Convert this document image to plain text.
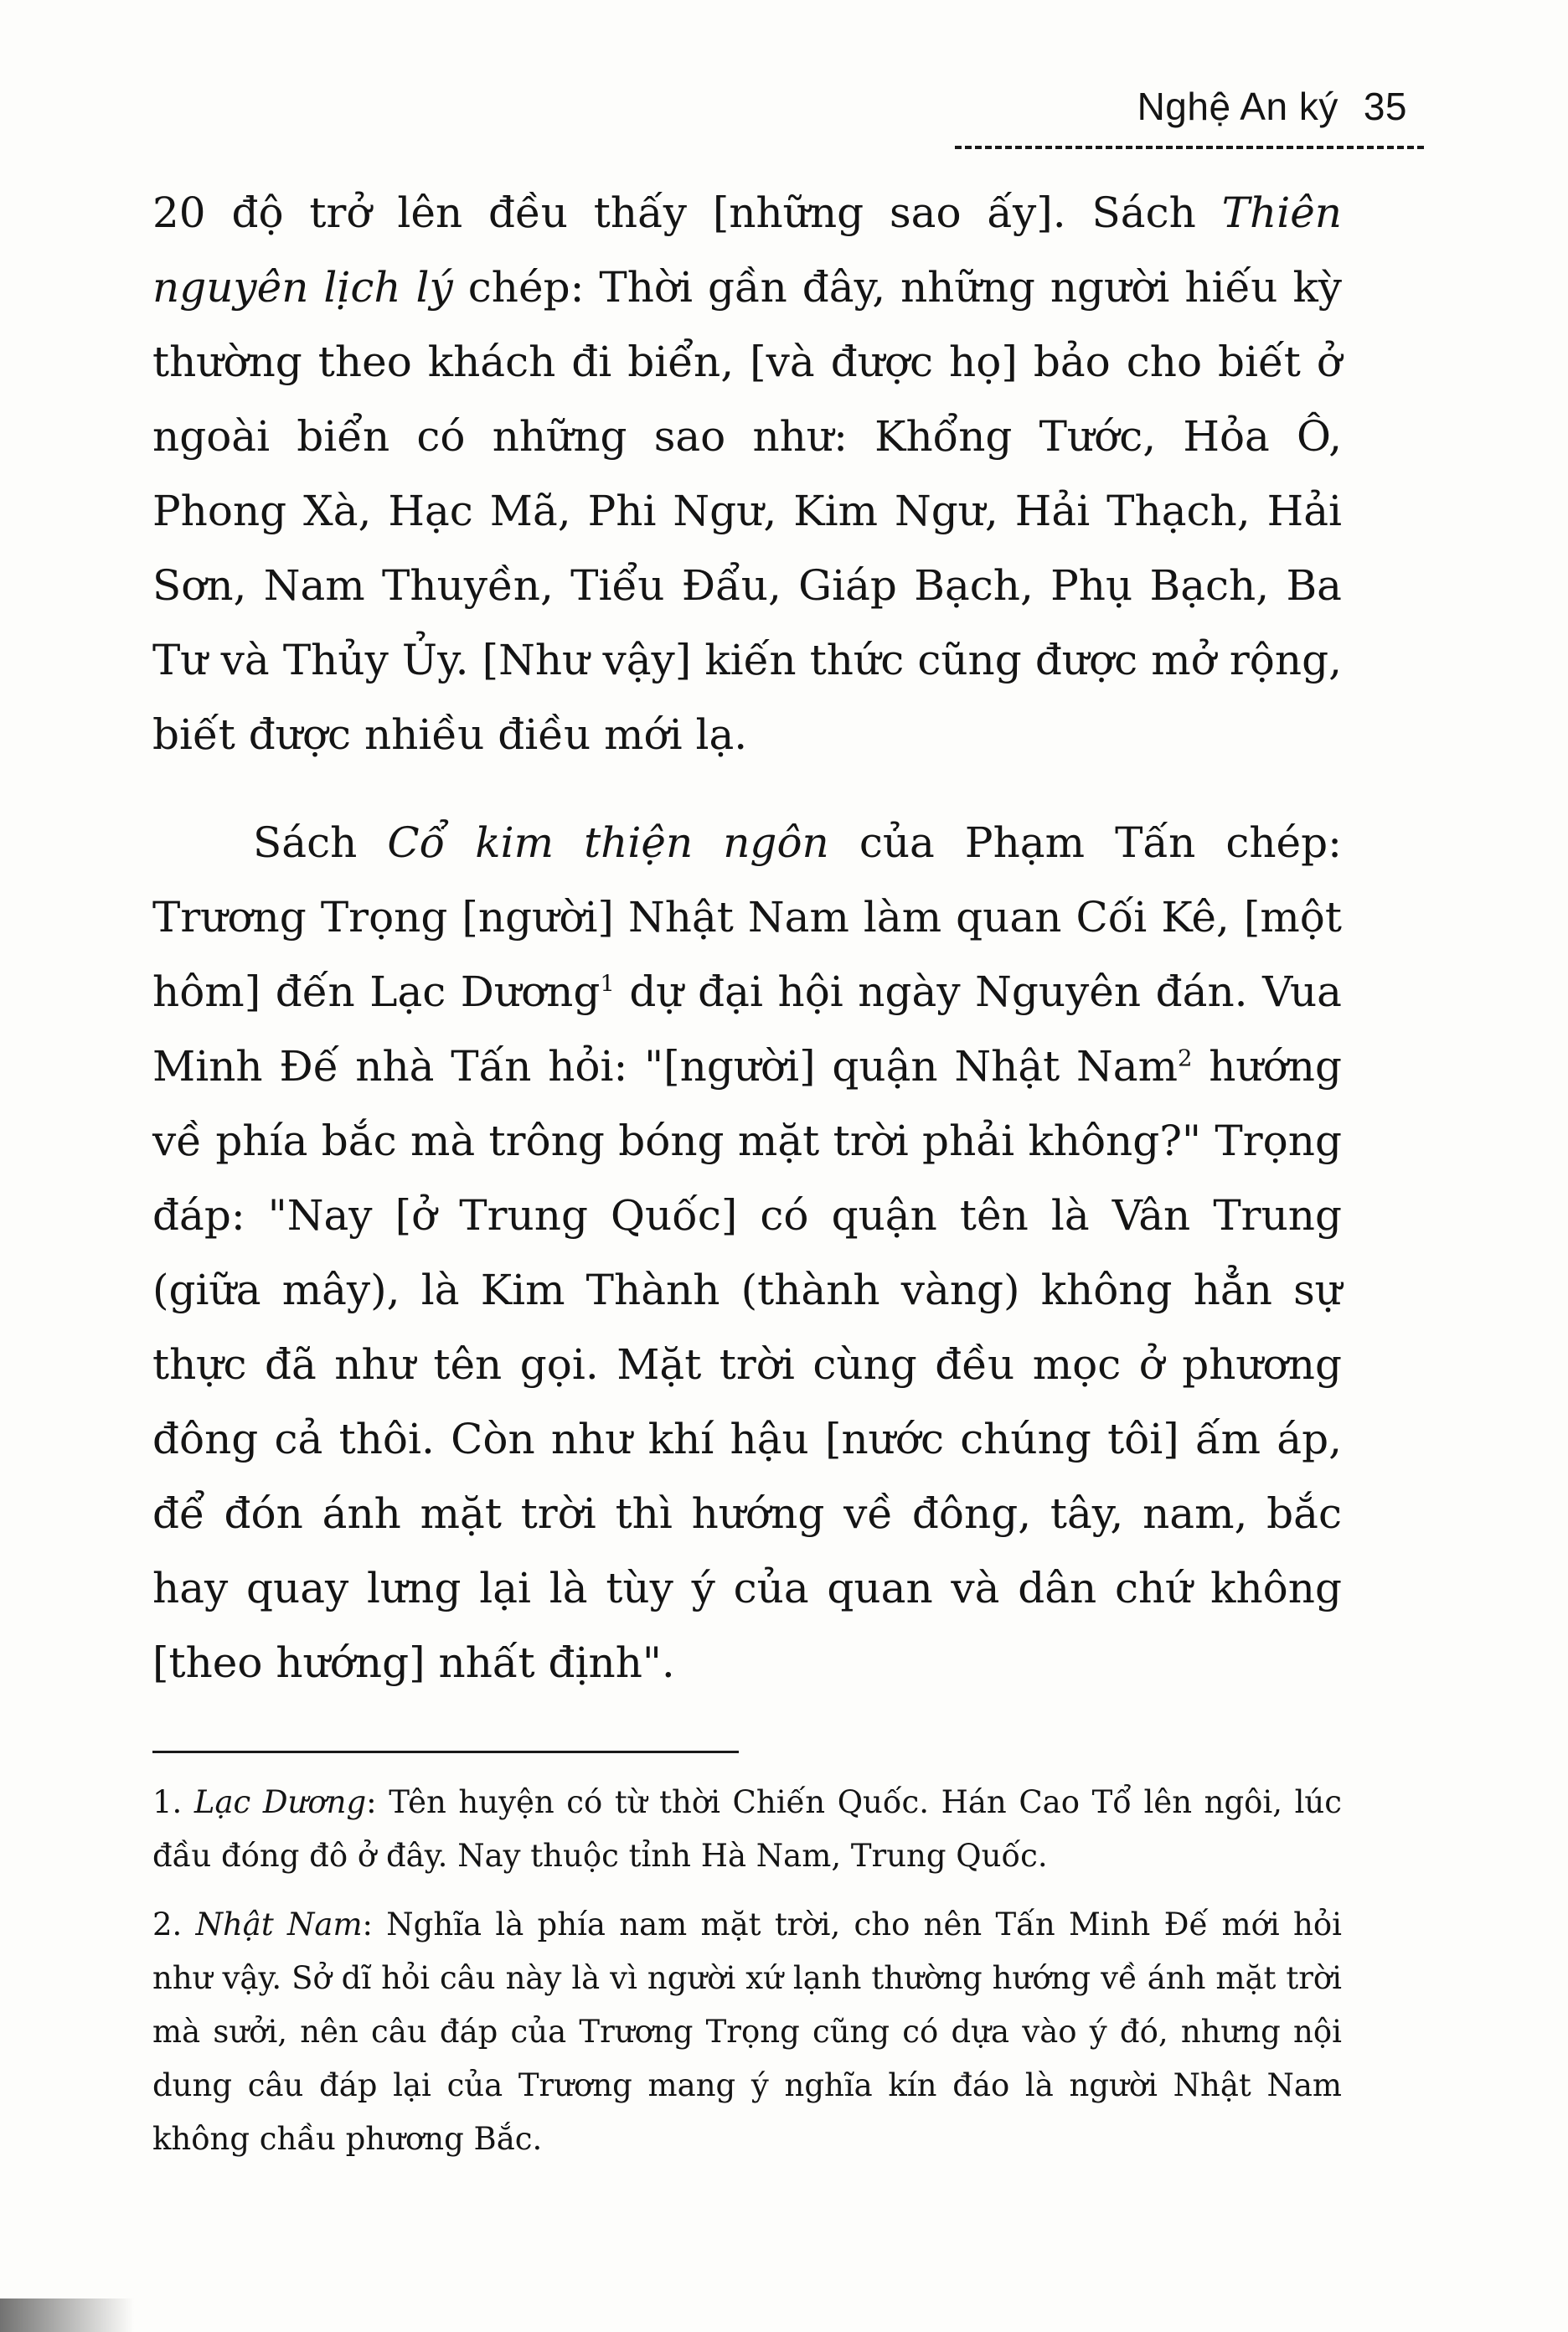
Nghệ An ký 35

20 độ trở lên đều thấy [những sao ấy]. Sách Thiên nguyên lịch lý chép: Thời gần đây, những người hiếu kỳ thường theo khách đi biển, [và được họ] bảo cho biết ở ngoài biển có những sao như: Khổng Tước, Hỏa Ô, Phong Xà, Hạc Mã, Phi Ngư, Kim Ngư, Hải Thạch, Hải Sơn, Nam Thuyền, Tiểu Đẩu, Giáp Bạch, Phụ Bạch, Ba Tư và Thủy Ủy. [Như vậy] kiến thức cũng được mở rộng, biết được nhiều điều mới lạ.

Sách Cổ kim thiện ngôn của Phạm Tấn chép: Trương Trọng [người] Nhật Nam làm quan Cối Kê, [một hôm] đến Lạc Dương$^1$ dự đại hội ngày Nguyên đán. Vua Minh Đế nhà Tấn hỏi: "[người] quận Nhật Nam$^2$ hướng về phía bắc mà trông bóng mặt trời phải không?" Trọng đáp: "Nay [ở Trung Quốc] có quận tên là Vân Trung (giữa mây), là Kim Thành (thành vàng) không hẳn sự thực đã như tên gọi. Mặt trời cùng đều mọc ở phương đông cả thôi. Còn như khí hậu [nước chúng tôi] ấm áp, để đón ánh mặt trời thì hướng về đông, tây, nam, bắc hay quay lưng lại là tùy ý của quan và dân chứ không [theo hướng] nhất định".

1. Lạc Dương: Tên huyện có từ thời Chiến Quốc. Hán Cao Tổ lên ngôi, lúc đầu đóng đô ở đây. Nay thuộc tỉnh Hà Nam, Trung Quốc.

2. Nhật Nam: Nghĩa là phía nam mặt trời, cho nên Tấn Minh Đế mới hỏi như vậy. Sở dĩ hỏi câu này là vì người xứ lạnh thường hướng về ánh mặt trời mà sưởi, nên câu đáp của Trương Trọng cũng có dựa vào ý đó, nhưng nội dung câu đáp lại của Trương mang ý nghĩa kín đáo là người Nhật Nam không chầu phương Bắc.
